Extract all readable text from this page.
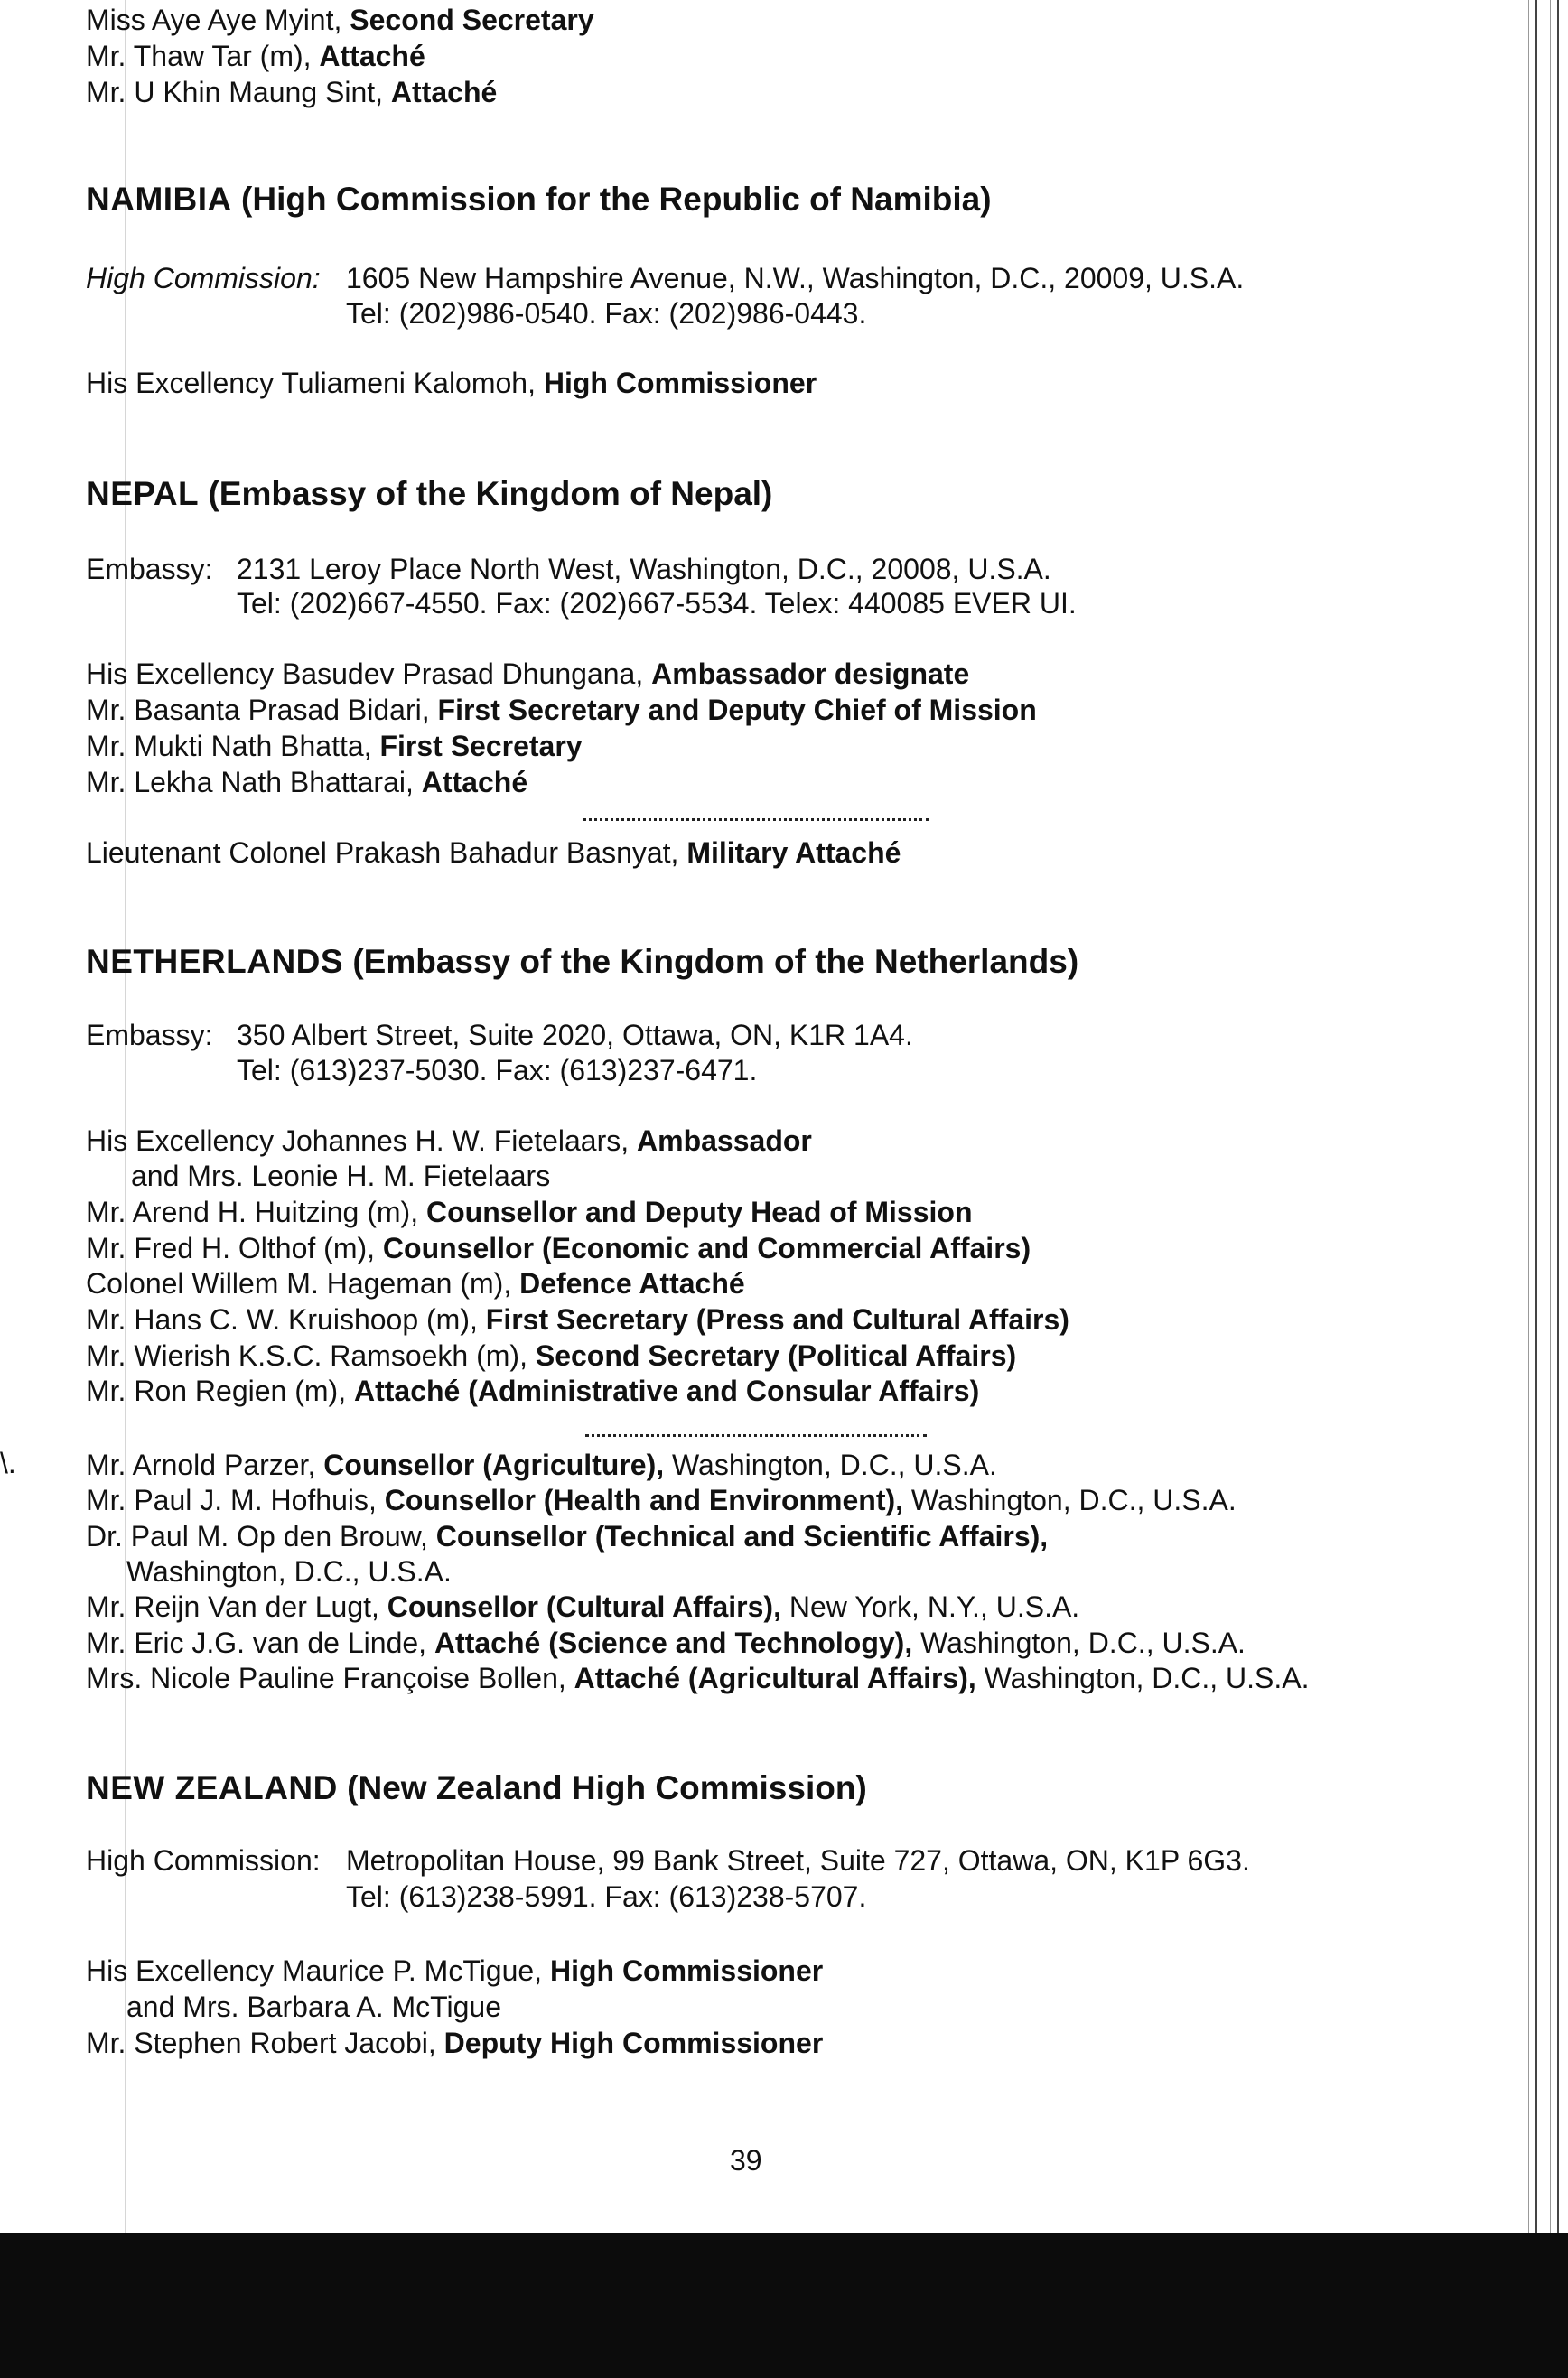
Miss Aye Aye Myint, Second Secretary
Mr. Thaw Tar (m), Attaché
Mr. U Khin Maung Sint, Attaché
NAMIBIA (High Commission for the Republic of Namibia)
High Commission: 1605 New Hampshire Avenue, N.W., Washington, D.C., 20009, U.S.A.
Tel: (202)986-0540. Fax: (202)986-0443.
His Excellency Tuliameni Kalomoh, High Commissioner
NEPAL (Embassy of the Kingdom of Nepal)
Embassy: 2131 Leroy Place North West, Washington, D.C., 20008, U.S.A.
Tel: (202)667-4550. Fax: (202)667-5534. Telex: 440085 EVER UI.
His Excellency Basudev Prasad Dhungana, Ambassador designate
Mr. Basanta Prasad Bidari, First Secretary and Deputy Chief of Mission
Mr. Mukti Nath Bhatta, First Secretary
Mr. Lekha Nath Bhattarai, Attaché
Lieutenant Colonel Prakash Bahadur Basnyat, Military Attaché
NETHERLANDS (Embassy of the Kingdom of the Netherlands)
Embassy: 350 Albert Street, Suite 2020, Ottawa, ON, K1R 1A4.
Tel: (613)237-5030. Fax: (613)237-6471.
His Excellency Johannes H. W. Fietelaars, Ambassador
and Mrs. Leonie H. M. Fietelaars
Mr. Arend H. Huitzing (m), Counsellor and Deputy Head of Mission
Mr. Fred H. Olthof (m), Counsellor (Economic and Commercial Affairs)
Colonel Willem M. Hageman (m), Defence Attaché
Mr. Hans C. W. Kruishoop (m), First Secretary (Press and Cultural Affairs)
Mr. Wierish K.S.C. Ramsoekh (m), Second Secretary (Political Affairs)
Mr. Ron Regien (m), Attaché (Administrative and Consular Affairs)
\. Mr. Arnold Parzer, Counsellor (Agriculture), Washington, D.C., U.S.A.
Mr. Paul J. M. Hofhuis, Counsellor (Health and Environment), Washington, D.C., U.S.A.
Dr. Paul M. Op den Brouw, Counsellor (Technical and Scientific Affairs),
Washington, D.C., U.S.A.
Mr. Reijn Van der Lugt, Counsellor (Cultural Affairs), New York, N.Y., U.S.A.
Mr. Eric J.G. van de Linde, Attaché (Science and Technology), Washington, D.C., U.S.A.
Mrs. Nicole Pauline Françoise Bollen, Attaché (Agricultural Affairs), Washington, D.C., U.S.A.
NEW ZEALAND (New Zealand High Commission)
High Commission: Metropolitan House, 99 Bank Street, Suite 727, Ottawa, ON, K1P 6G3.
Tel: (613)238-5991. Fax: (613)238-5707.
His Excellency Maurice P. McTigue, High Commissioner
and Mrs. Barbara A. McTigue
Mr. Stephen Robert Jacobi, Deputy High Commissioner
39
